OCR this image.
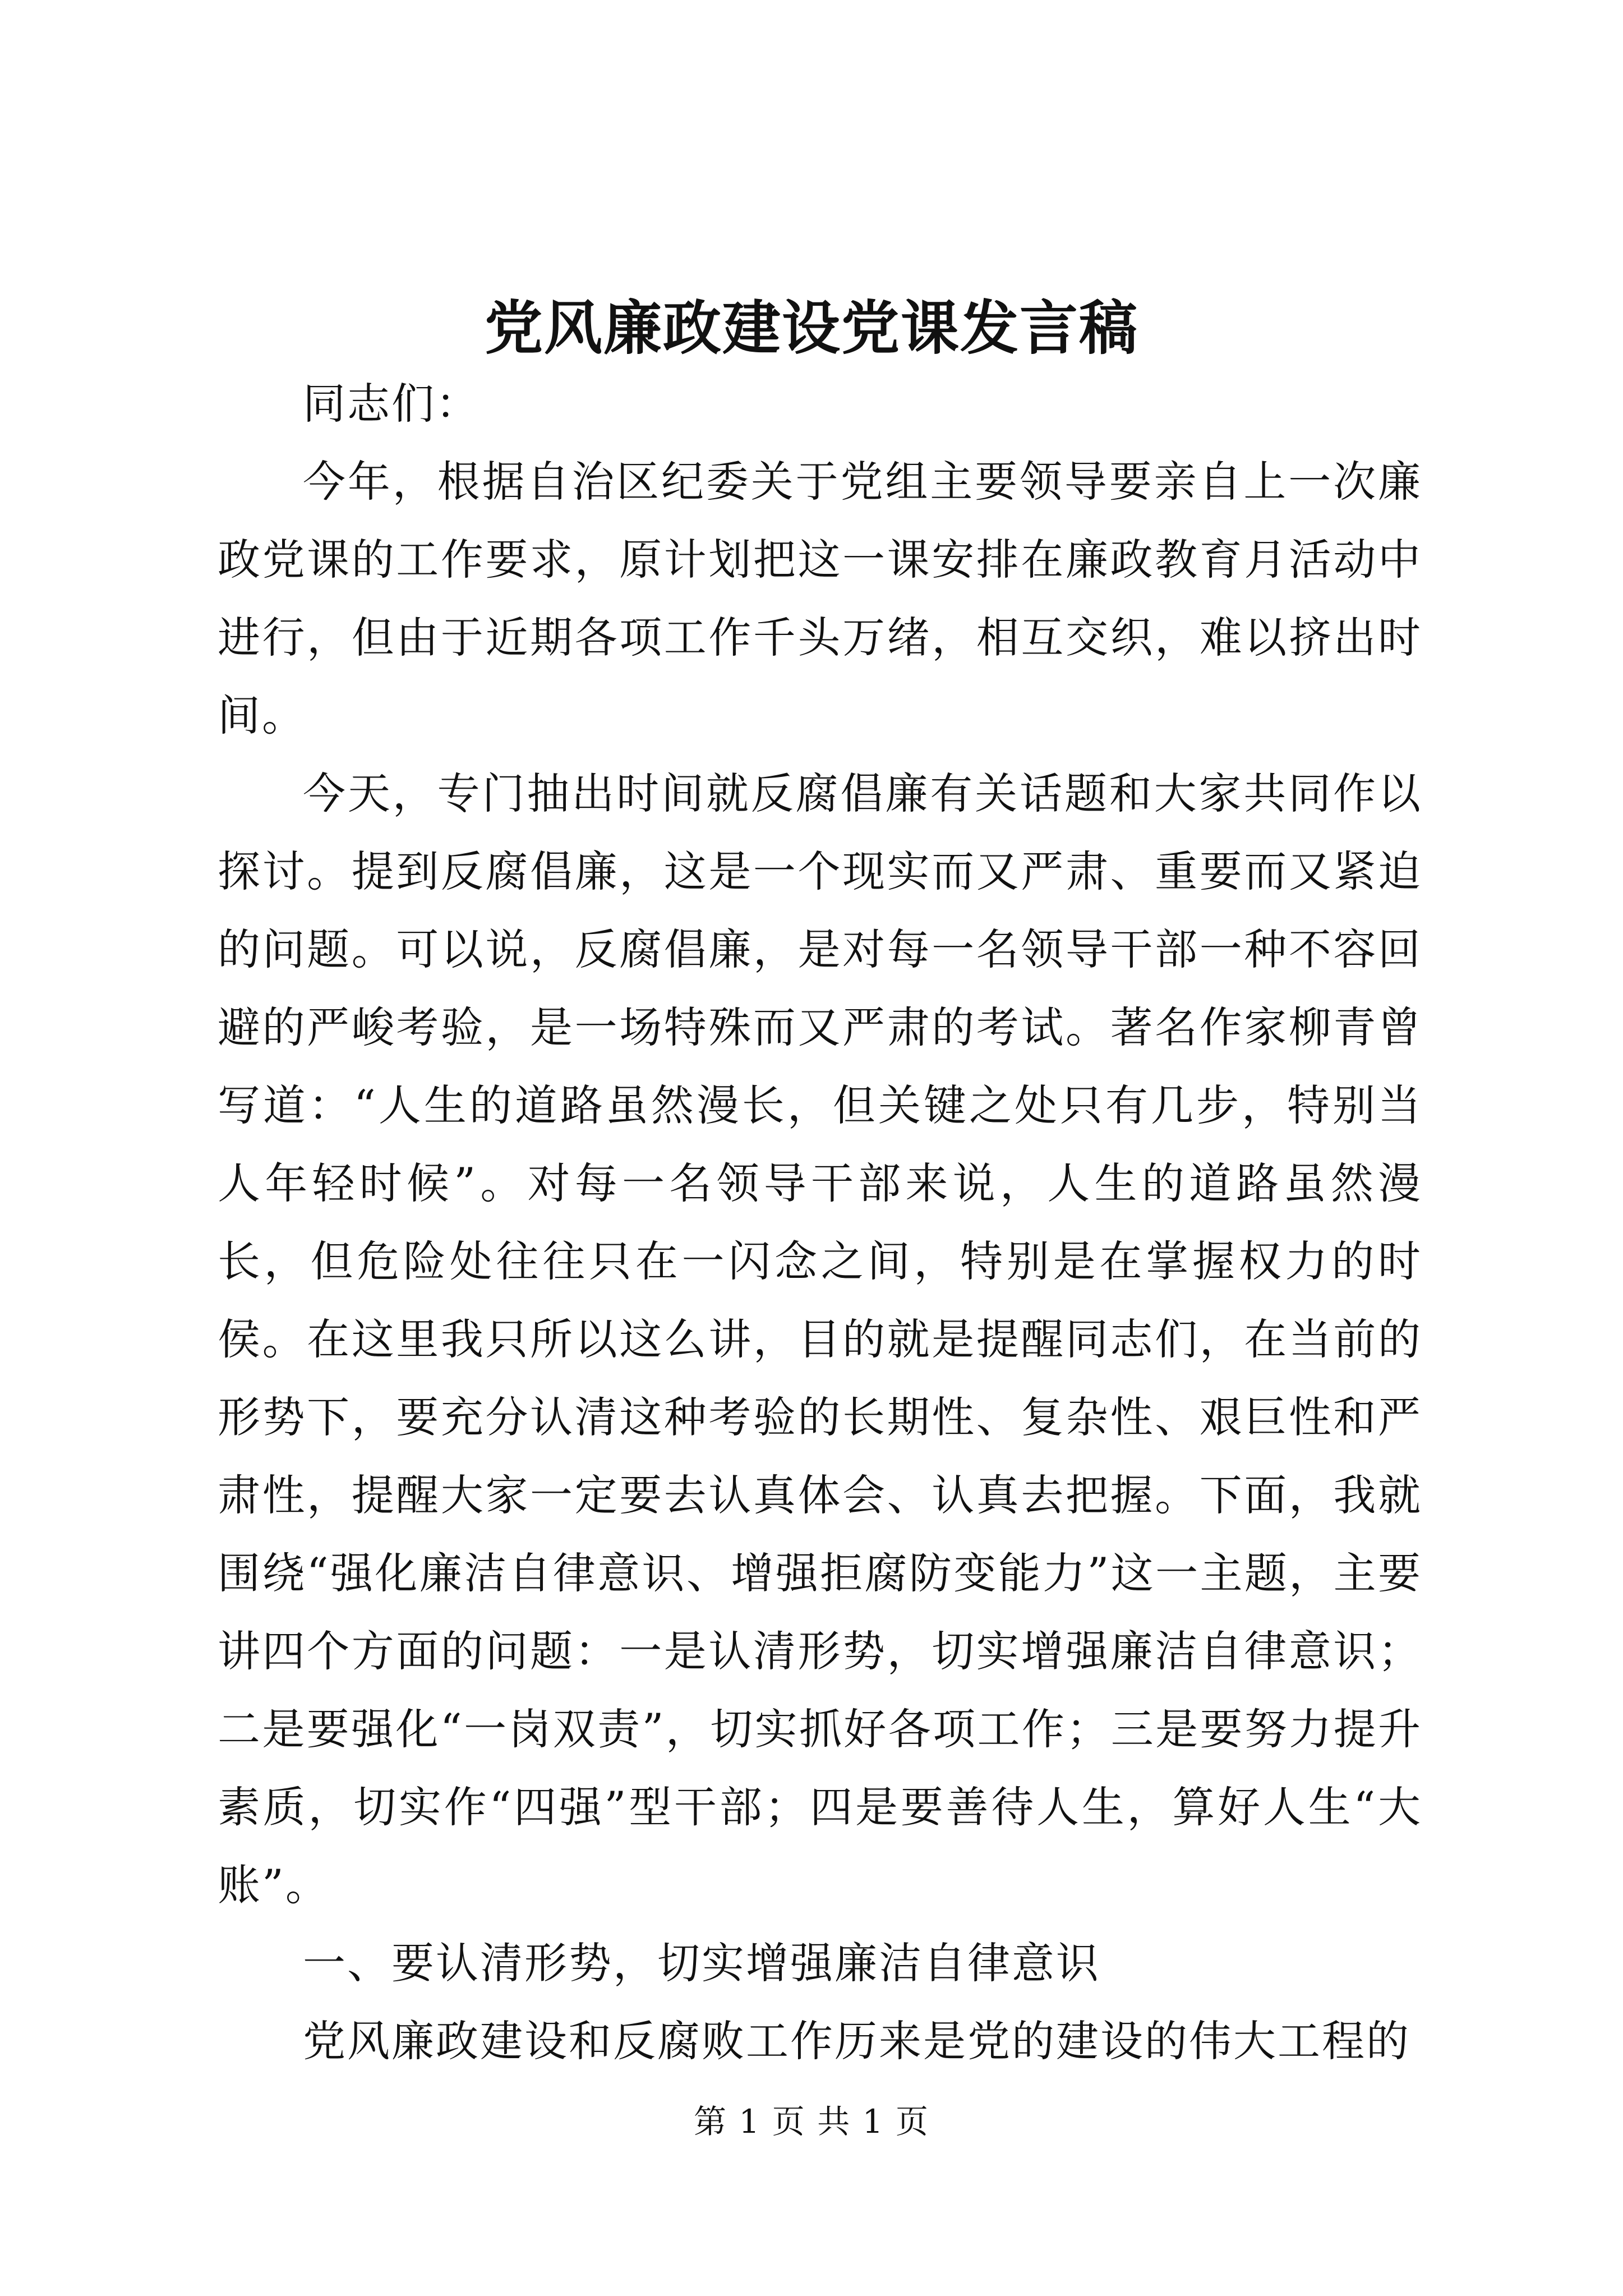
党风廉政建设党课发言稿

同志们：

今年，根据自治区纪委关于党组主要领导要亲自上一次廉政党课的工作要求，原计划把这一课安排在廉政教育月活动中进行，但由于近期各项工作千头万绪，相互交织，难以挤出时间。

今天，专门抽出时间就反腐倡廉有关话题和大家共同作以探讨。提到反腐倡廉，这是一个现实而又严肃、重要而又紧迫的问题。可以说，反腐倡廉，是对每一名领导干部一种不容回避的严峻考验，是一场特殊而又严肃的考试。著名作家柳青曾写道：“人生的道路虽然漫长，但关键之处只有几步，特别当人年轻时候”。对每一名领导干部来说，人生的道路虽然漫长，但危险处往往只在一闪念之间，特别是在掌握权力的时侯。在这里我只所以这么讲，目的就是提醒同志们，在当前的形势下，要充分认清这种考验的长期性、复杂性、艰巨性和严肃性，提醒大家一定要去认真体会、认真去把握。下面，我就围绕“强化廉洁自律意识、增强拒腐防变能力”这一主题，主要讲四个方面的问题：一是认清形势，切实增强廉洁自律意识；二是要强化“一岗双责”，切实抓好各项工作；三是要努力提升素质，切实作“四强”型干部；四是要善待人生，算好人生“大账”。

一、要认清形势，切实增强廉洁自律意识

党风廉政建设和反腐败工作历来是党的建设的伟大工程的

第 1 页 共 1 页
